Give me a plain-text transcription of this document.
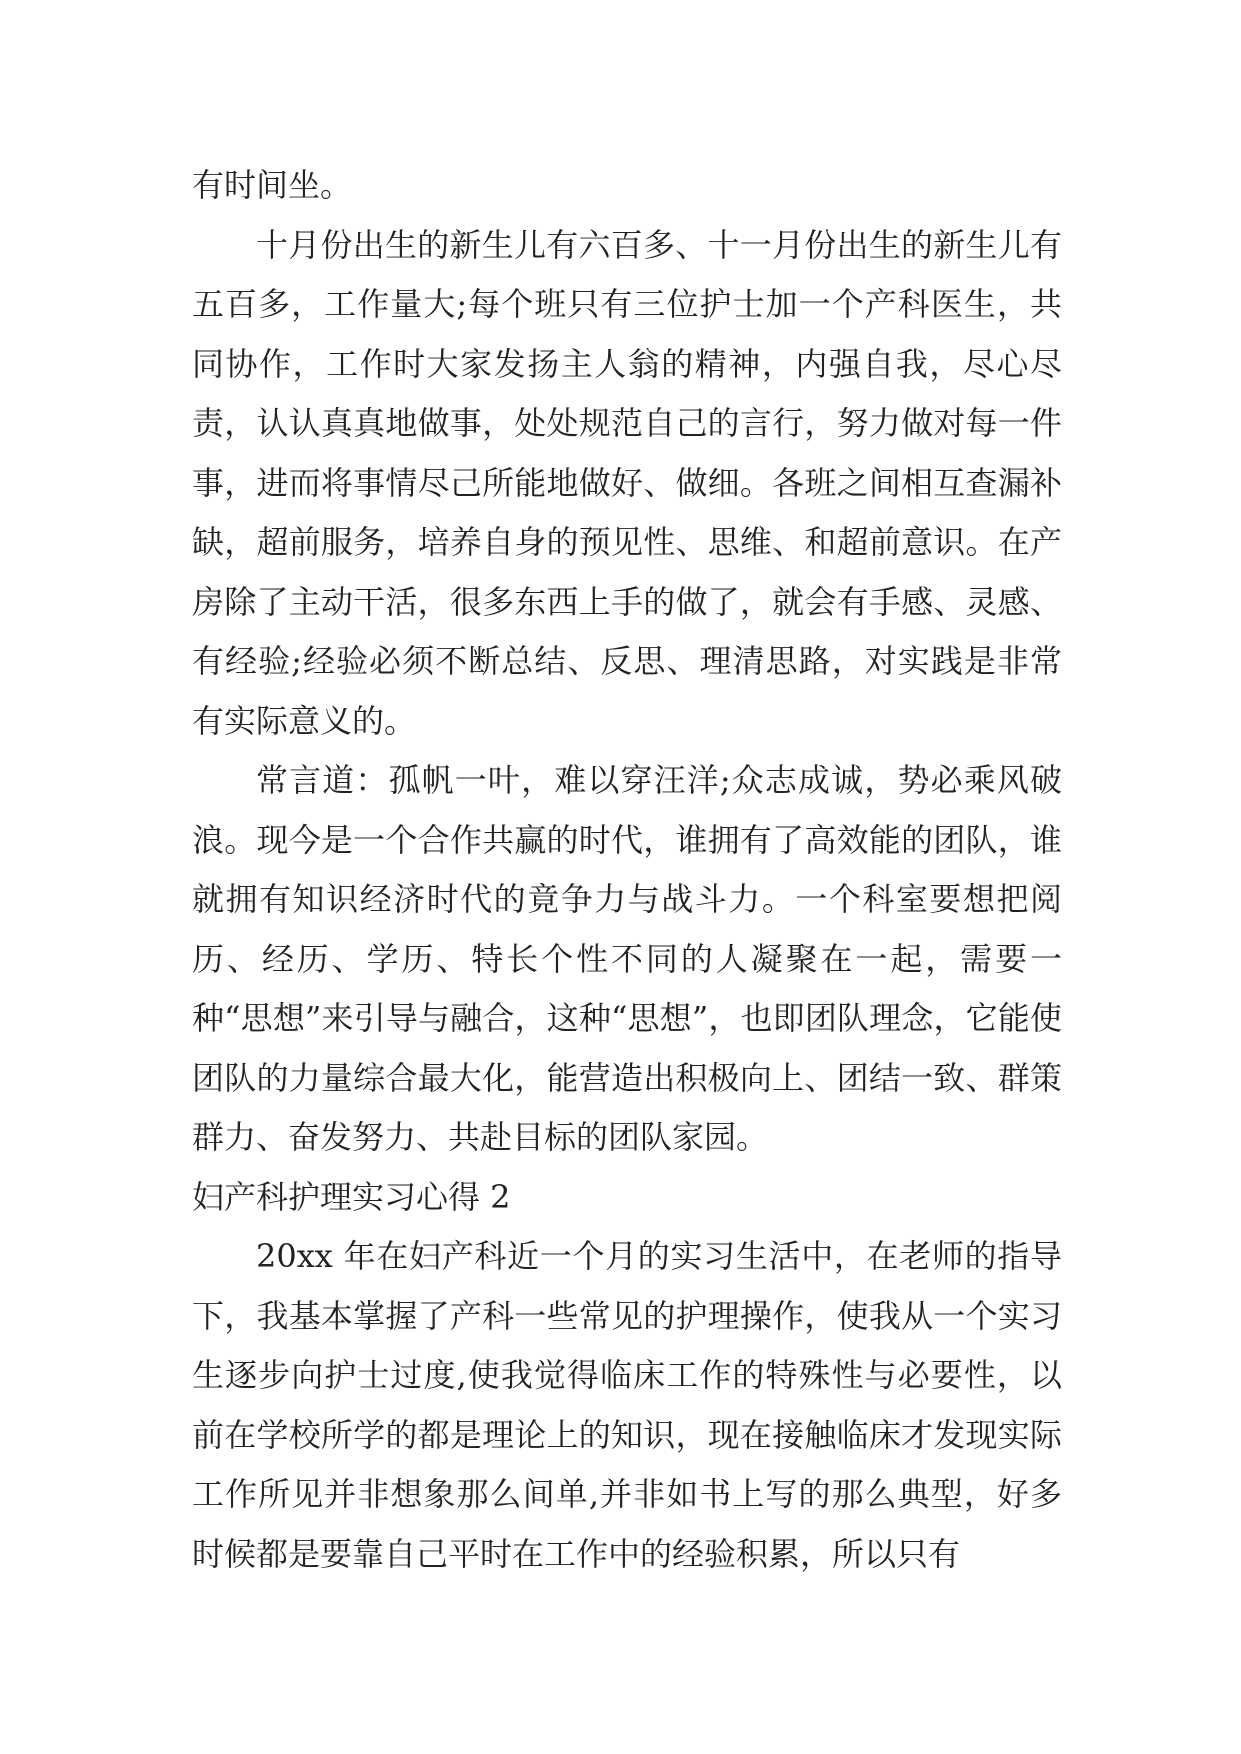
有时间坐。

十月份出生的新生儿有六百多、十一月份出生的新生儿有五百多，工作量大;每个班只有三位护士加一个产科医生，共同协作，工作时大家发扬主人翁的精神，内强自我，尽心尽责，认认真真地做事，处处规范自己的言行，努力做对每一件事，进而将事情尽己所能地做好、做细。各班之间相互查漏补缺，超前服务，培养自身的预见性、思维、和超前意识。在产房除了主动干活，很多东西上手的做了，就会有手感、灵感、有经验;经验必须不断总结、反思、理清思路，对实践是非常有实际意义的。

常言道：孤帆一叶，难以穿汪洋;众志成诚，势必乘风破浪。现今是一个合作共赢的时代，谁拥有了高效能的团队，谁就拥有知识经济时代的竟争力与战斗力。一个科室要想把阅历、经历、学历、特长个性不同的人凝聚在一起，需要一种“思想”来引导与融合，这种“思想”，也即团队理念，它能使团队的力量综合最大化，能营造出积极向上、团结一致、群策群力、奋发努力、共赴目标的团队家园。

妇产科护理实习心得 2

20xx 年在妇产科近一个月的实习生活中，在老师的指导下，我基本掌握了产科一些常见的护理操作，使我从一个实习生逐步向护士过度,使我觉得临床工作的特殊性与必要性，以前在学校所学的都是理论上的知识，现在接触临床才发现实际工作所见并非想象那么间单,并非如书上写的那么典型，好多时候都是要靠自己平时在工作中的经验积累，所以只有
